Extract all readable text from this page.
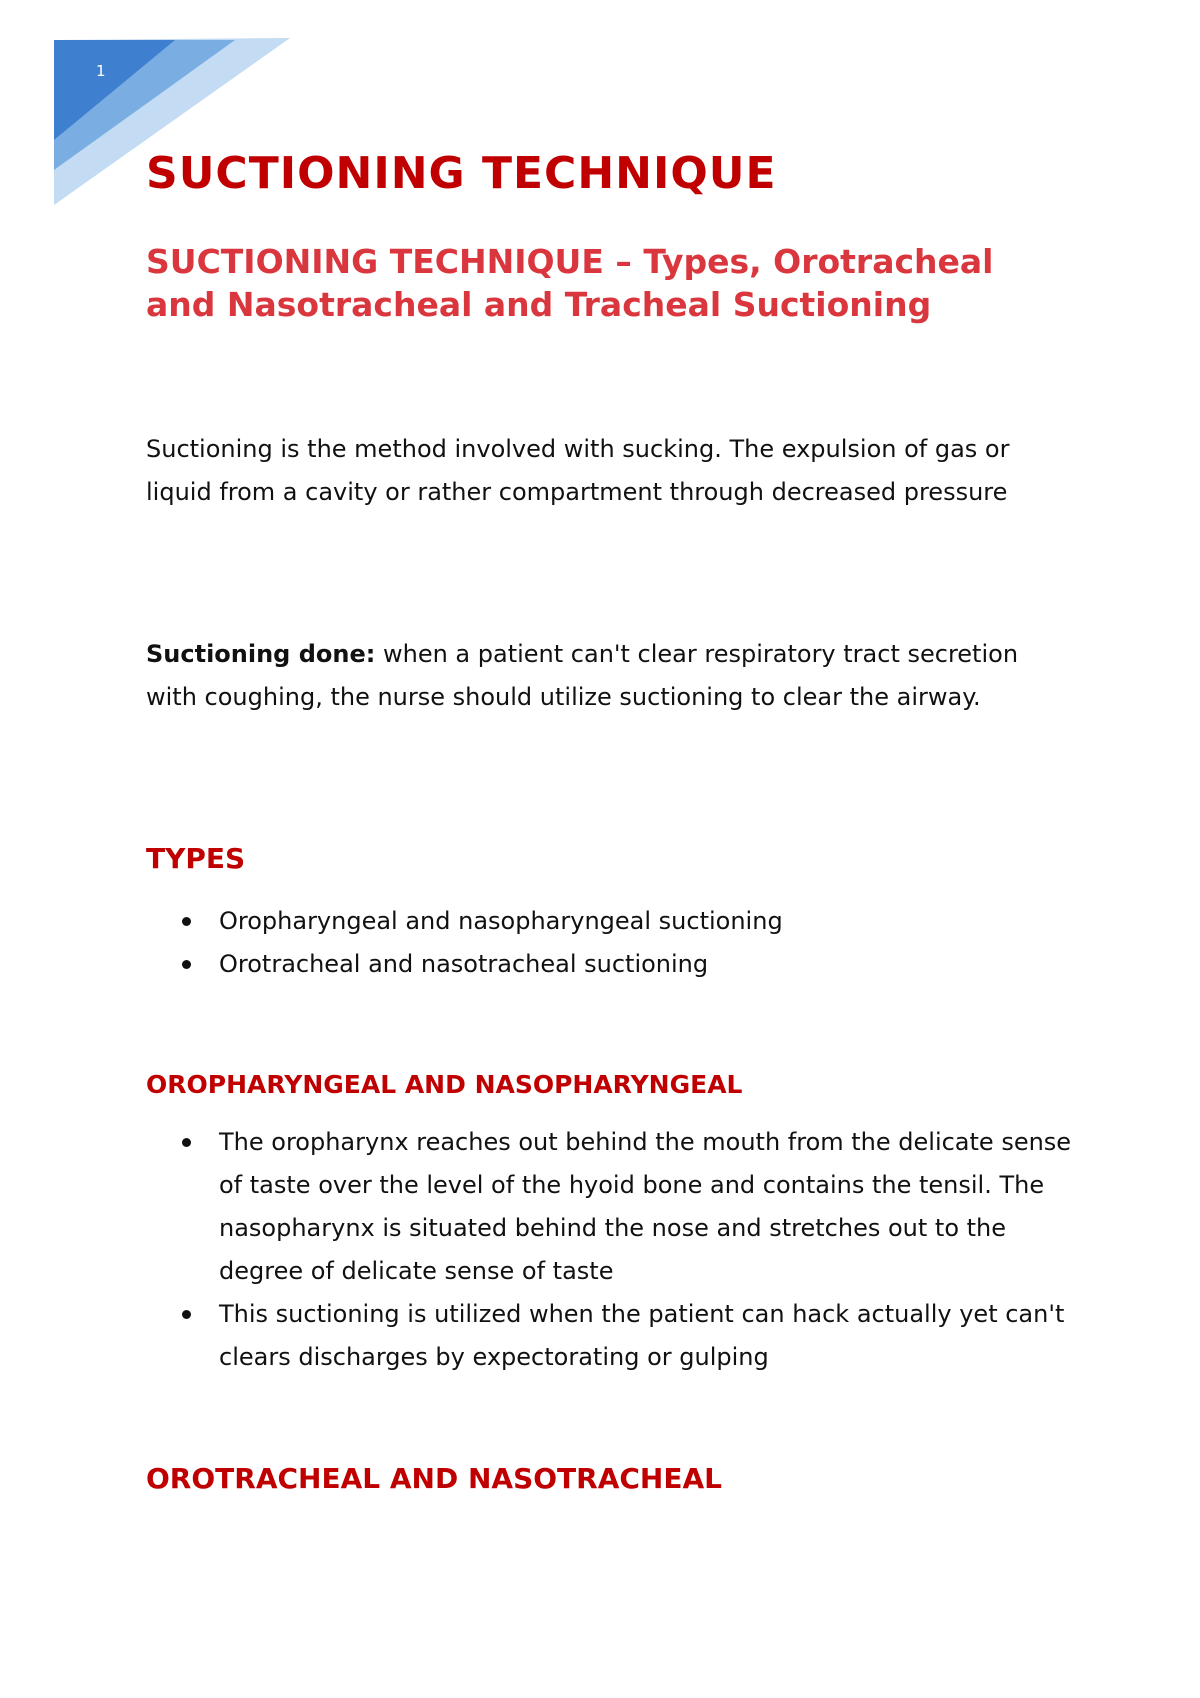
1
SUCTIONING TECHNIQUE
SUCTIONING TECHNIQUE – Types, Orotracheal and Nasotracheal and Tracheal Suctioning

Suctioning is the method involved with sucking. The expulsion of gas or liquid from a cavity or rather compartment through decreased pressure

Suctioning done: when a patient can't clear respiratory tract secretion with coughing, the nurse should utilize suctioning to clear the airway.

TYPES
Oropharyngeal and nasopharyngeal suctioning
Orotracheal and nasotracheal suctioning
OROPHARYNGEAL AND NASOPHARYNGEAL
The oropharynx reaches out behind the mouth from the delicate sense of taste over the level of the hyoid bone and contains the tensil. The nasopharynx is situated behind the nose and stretches out to the degree of delicate sense of taste
This suctioning is utilized when the patient can hack actually yet can't clears discharges by expectorating or gulping
OROTRACHEAL AND NASOTRACHEAL
